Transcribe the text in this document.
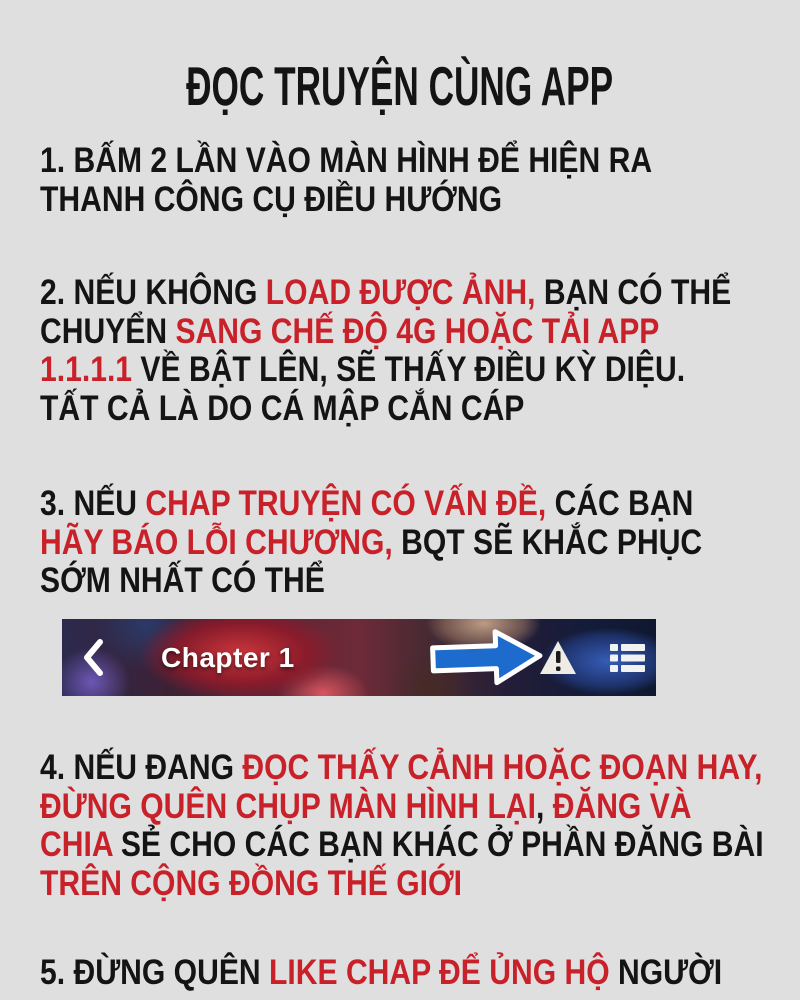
ĐỌC TRUYỆN CÙNG APP
1. BẤM 2 LẦN VÀO MÀN HÌNH ĐỂ HIỆN RA
THANH CÔNG CỤ ĐIỀU HƯỚNG
2. NẾU KHÔNG LOAD ĐƯỢC ẢNH, BẠN CÓ THỂ
CHUYỂN SANG CHẾ ĐỘ 4G HOẶC TẢI APP
1.1.1.1 VỀ BẬT LÊN, SẼ THẤY ĐIỀU KỲ DIỆU.
TẤT CẢ LÀ DO CÁ MẬP CẮN CÁP
3. NẾU CHAP TRUYỆN CÓ VẤN ĐỀ, CÁC BẠN
HÃY BÁO LỖI CHƯƠNG, BQT SẼ KHẮC PHỤC
SỚM NHẤT CÓ THỂ
Chapter 1
4. NẾU ĐANG ĐỌC THẤY CẢNH HOẶC ĐOẠN HAY,
ĐỪNG QUÊN CHỤP MÀN HÌNH LẠI, ĐĂNG VÀ
CHIA SẺ CHO CÁC BẠN KHÁC Ở PHẦN ĐĂNG BÀI
TRÊN CỘNG ĐỒNG THẾ GIỚI
5. ĐỪNG QUÊN LIKE CHAP ĐỂ ỦNG HỘ NGƯỜI
